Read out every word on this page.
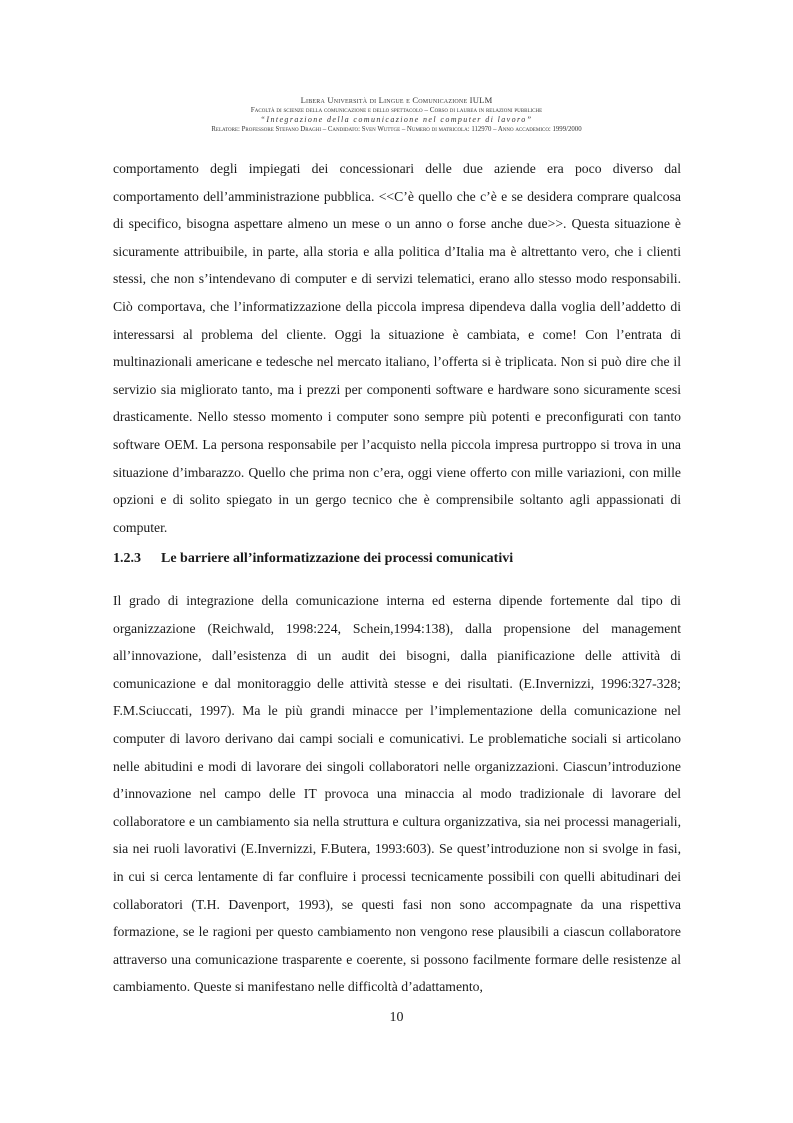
Libera Università di Lingue e Comunicazione IULM
Facoltà di scienze della comunicazione e dello spettacolo – Corso di laurea in relazioni pubbliche
“Integrazione della comunicazione nel computer di lavoro”
Relatore: Professore Stefano Draghi – Candidato: Sven Wuttge – Numero di matricola: 112970 – Anno accademico: 1999/2000

comportamento degli impiegati dei concessionari delle due aziende era poco diverso dal comportamento dell’amministrazione pubblica. <<C’è quello che c’è e se desidera comprare qualcosa di specifico, bisogna aspettare almeno un mese o un anno o forse anche due>>. Questa situazione è sicuramente attribuibile, in parte, alla storia e alla politica d’Italia ma è altrettanto vero, che i clienti stessi, che non s’intendevano di computer e di servizi telematici, erano allo stesso modo responsabili. Ciò comportava, che l’informatizzazione della piccola impresa dipendeva dalla voglia dell’addetto di interessarsi al problema del cliente. Oggi la situazione è cambiata, e come! Con l’entrata di multinazionali americane e tedesche nel mercato italiano, l’offerta si è triplicata. Non si può dire che il servizio sia migliorato tanto, ma i prezzi per componenti software e hardware sono sicuramente scesi drasticamente. Nello stesso momento i computer sono sempre più potenti e preconfigurati con tanto software OEM. La persona responsabile per l’acquisto nella piccola impresa purtroppo si trova in una situazione d’imbarazzo. Quello che prima non c’era, oggi viene offerto con mille variazioni, con mille opzioni e di solito spiegato in un gergo tecnico che è comprensibile soltanto agli appassionati di computer.

1.2.3 Le barriere all’informatizzazione dei processi comunicativi

Il grado di integrazione della comunicazione interna ed esterna dipende fortemente dal tipo di organizzazione (Reichwald, 1998:224, Schein,1994:138), dalla propensione del management all’innovazione, dall’esistenza di un audit dei bisogni, dalla pianificazione delle attività di comunicazione e dal monitoraggio delle attività stesse e dei risultati. (E.Invernizzi, 1996:327-328; F.M.Sciuccati, 1997). Ma le più grandi minacce per l’implementazione della comunicazione nel computer di lavoro derivano dai campi sociali e comunicativi. Le problematiche sociali si articolano nelle abitudini e modi di lavorare dei singoli collaboratori nelle organizzazioni. Ciascun’introduzione d’innovazione nel campo delle IT provoca una minaccia al modo tradizionale di lavorare del collaboratore e un cambiamento sia nella struttura e cultura organizzativa, sia nei processi manageriali, sia nei ruoli lavorativi (E.Invernizzi, F.Butera, 1993:603). Se quest’introduzione non si svolge in fasi, in cui si cerca lentamente di far confluire i processi tecnicamente possibili con quelli abitudinari dei collaboratori (T.H. Davenport, 1993), se questi fasi non sono accompagnate da una rispettiva formazione, se le ragioni per questo cambiamento non vengono rese plausibili a ciascun collaboratore attraverso una comunicazione trasparente e coerente, si possono facilmente formare delle resistenze al cambiamento. Queste si manifestano nelle difficoltà d’adattamento,

10
